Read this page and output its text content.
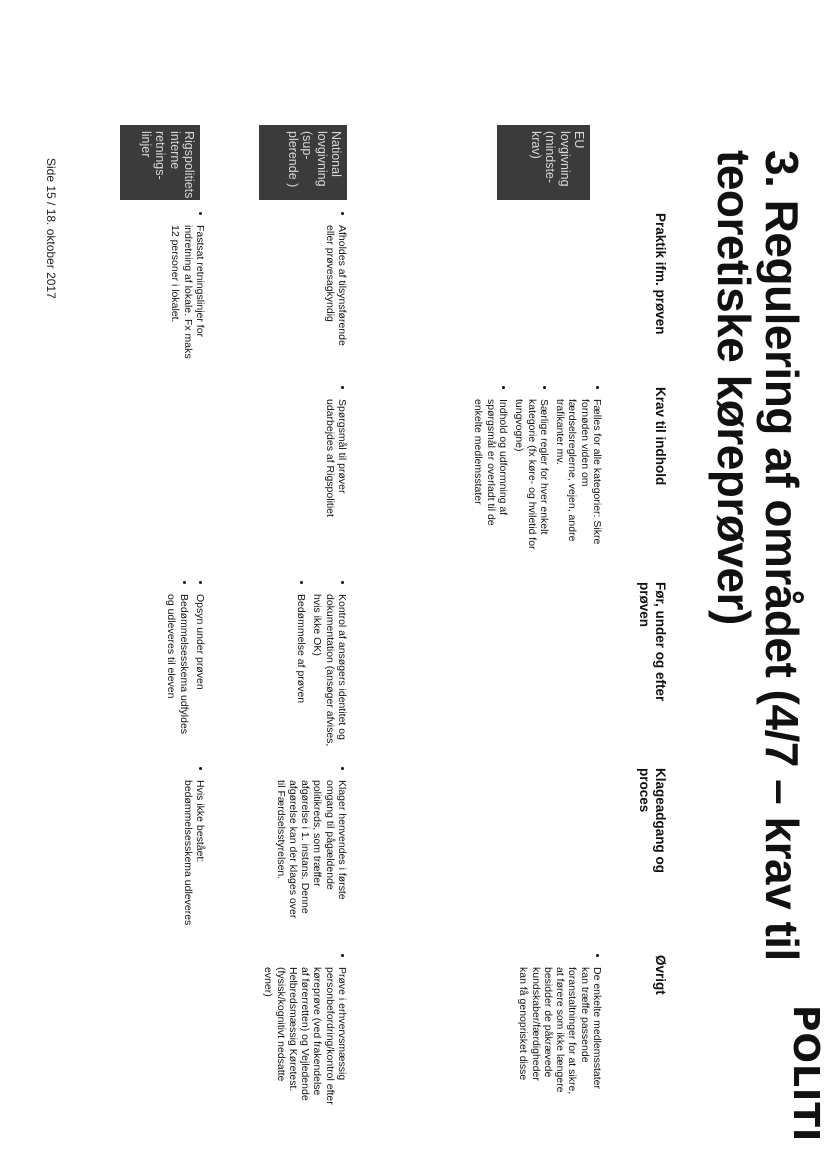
3. Regulering af området (4/7 – krav til teoretiske køreprøver)
POLITI
Praktik ifm. prøven
Krav til indhold
Før, under og efter prøven
Klageadgang og proces
Øvrigt
EU lovgivning (mindste-krav)
• Fælles for alle kategorier: Sikre fornøden viden om færdselsreglerne, vejen, andre trafikanter mv.
• Særlige regler for hver enkelt kategorie (fx køre- og hviletid for tungvogne)
• Indhold og udformning af spørgsmål er overladt til de enkelte medlemsstater
• De enkelte medlemsstater kan træffe passende foranstaltninger for at sikre, at førere som ikke længere besidder de påkrævede kundskaber/færdigheder kan få genoprisket disse
National lovgivning (sup-plerende )
• Afholdes af tilsynsførende eller prøvesagkyndig
• Spørgsmål til prøver udarbejdes af Rigspolitiet
• Kontrol af ansøgers identitet og dokumentation (ansøger afvises, hvis ikke OK)
• Bedømmelse af prøven
• Klager henvendes i første omgang til pågældende politikreds, som træffer afgørelse i 1. instans. Denne afgørelse kan der klages over til Færdselsstyrelsen.
• Prøve i erhvervsmæssig personbefordring/kontrol efter køreprøve (ved frakendelse af førerretten) og Vejledende Helbredsmæssig Køretest. (fysisk/kognitivt nedsatte evner)
Rigspolitiets interne retnings-linjer
• Fastsat retningslinjer for indretning af lokale. Fx maks 12 personer i lokalet.
• Opsyn under prøven
• Bedømmelsesskema udfyldes og udleveres til eleven
• Hvis ikke bestået: bedømmelsesskema udleveres
Side 15 / 18. oktober 2017
